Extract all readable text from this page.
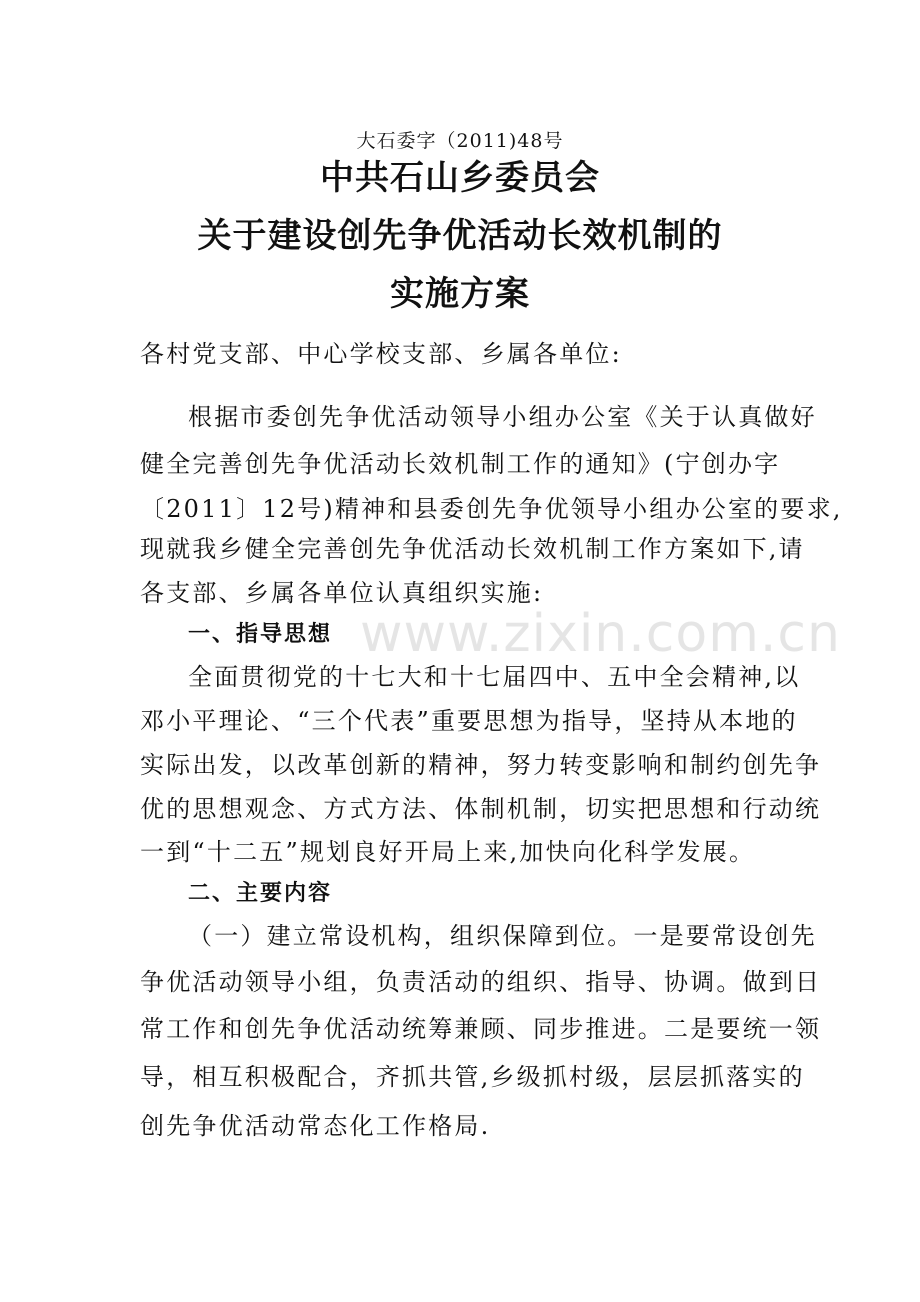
大石委字（2011)48号
中共石山乡委员会
关于建设创先争优活动长效机制的
实施方案
各村党支部、中心学校支部、乡属各单位:
根据市委创先争优活动领导小组办公室《关于认真做好
健全完善创先争优活动长效机制工作的通知》(宁创办字
〔2011〕12号)精神和县委创先争优领导小组办公室的要求,
现就我乡健全完善创先争优活动长效机制工作方案如下,请
各支部、乡属各单位认真组织实施:
一、指导思想
全面贯彻党的十七大和十七届四中、五中全会精神,以
邓小平理论、“三个代表”重要思想为指导，坚持从本地的
实际出发，以改革创新的精神，努力转变影响和制约创先争
优的思想观念、方式方法、体制机制，切实把思想和行动统
一到“十二五”规划良好开局上来,加快向化科学发展。
二、主要内容
（一）建立常设机构，组织保障到位。一是要常设创先
争优活动领导小组，负责活动的组织、指导、协调。做到日
常工作和创先争优活动统筹兼顾、同步推进。二是要统一领
导，相互积极配合，齐抓共管,乡级抓村级，层层抓落实的
创先争优活动常态化工作格局.
www.zixin.com.cn
